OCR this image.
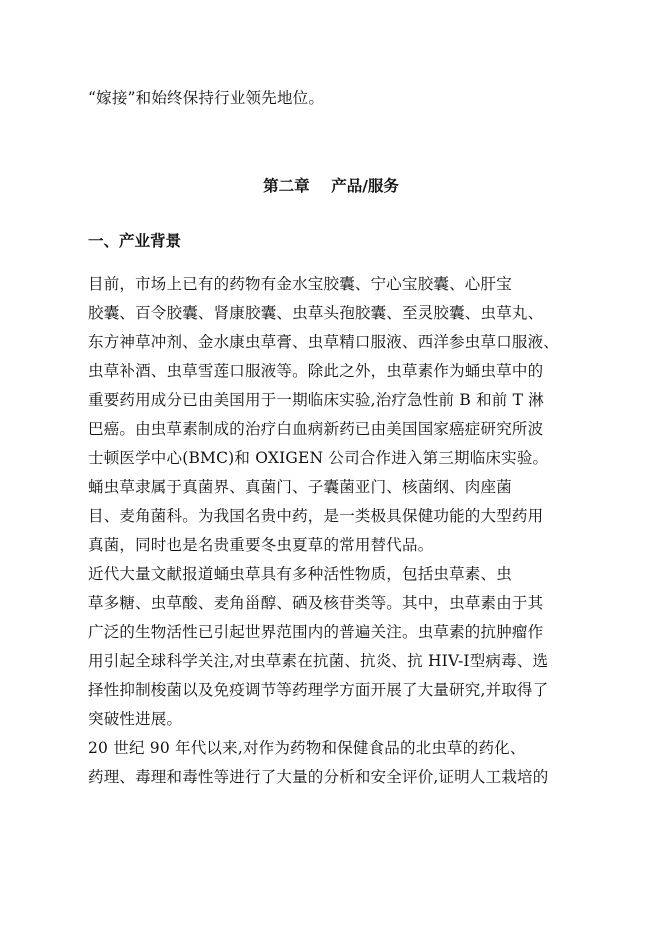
“嫁接”和始终保持行业领先地位。
第二章    产品/服务
一、产业背景
目前，市场上已有的药物有金水宝胶囊、宁心宝胶囊、心肝宝
胶囊、百令胶囊、肾康胶囊、虫草头孢胶囊、至灵胶囊、虫草丸、
东方神草冲剂、金水康虫草膏、虫草精口服液、西洋参虫草口服液、
虫草补酒、虫草雪莲口服液等。除此之外，虫草素作为蛹虫草中的
重要药用成分已由美国用于一期临床实验,治疗急性前 B 和前 T 淋
巴癌。由虫草素制成的治疗白血病新药已由美国国家癌症研究所波
士顿医学中心(BMC)和 OXIGEN 公司合作进入第三期临床实验。
蛹虫草隶属于真菌界、真菌门、子囊菌亚门、核菌纲、肉座菌
目、麦角菌科。为我国名贵中药，是一类极具保健功能的大型药用
真菌，同时也是名贵重要冬虫夏草的常用替代品。
近代大量文献报道蛹虫草具有多种活性物质，包括虫草素、虫
草多糖、虫草酸、麦角甾醇、硒及核苷类等。其中，虫草素由于其
广泛的生物活性已引起世界范围内的普遍关注。虫草素的抗肿瘤作
用引起全球科学关注,对虫草素在抗菌、抗炎、抗 HIV-Ⅰ型病毒、选
择性抑制梭菌以及免疫调节等药理学方面开展了大量研究,并取得了
突破性进展。
20 世纪 90 年代以来,对作为药物和保健食品的北虫草的药化、
药理、毒理和毒性等进行了大量的分析和安全评价,证明人工栽培的
